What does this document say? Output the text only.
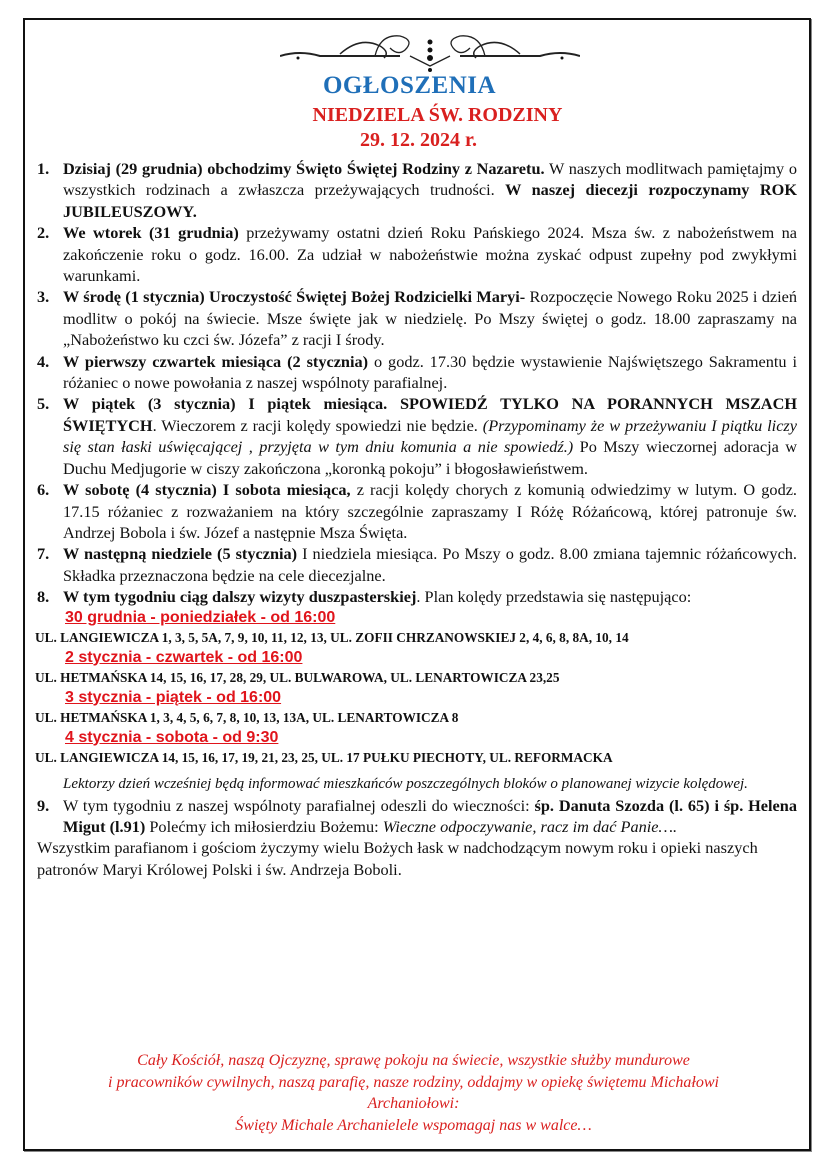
OGŁOSZENIA
NIEDZIELA ŚW. RODZINY
29. 12. 2024 r.
1. Dzisiaj (29 grudnia) obchodzimy Święto Świętej Rodziny z Nazaretu. W naszych modlitwach pamiętajmy o wszystkich rodzinach a zwłaszcza przeżywających trudności. W naszej diecezji rozpoczynamy ROK JUBILEUSZOWY.
2. We wtorek (31 grudnia) przeżywamy ostatni dzień Roku Pańskiego 2024. Msza św. z nabożeństwem na zakończenie roku o godz. 16.00. Za udział w nabożeństwie można zyskać odpust zupełny pod zwykłymi warunkami.
3. W środę (1 stycznia) Uroczystość Świętej Bożej Rodzicielki Maryi- Rozpoczęcie Nowego Roku 2025 i dzień modlitw o pokój na świecie. Msze święte jak w niedzielę. Po Mszy świętej o godz. 18.00 zapraszamy na „Nabożeństwo ku czci św. Józefa” z racji I środy.
4. W pierwszy czwartek miesiąca (2 stycznia) o godz. 17.30 będzie wystawienie Najświętszego Sakramentu i różaniec o nowe powołania z naszej wspólnoty parafialnej.
5. W piątek (3 stycznia) I piątek miesiąca. SPOWIEDŹ TYLKO NA PORANNYCH MSZACH ŚWIĘTYCH. Wieczorem z racji kolędy spowiedzi nie będzie. (Przypominamy że w przeżywaniu I piątku liczy się stan łaski uświęcającej , przyjęta w tym dniu komunia a nie spowiedź.) Po Mszy wieczornej adoracja w Duchu Medjugorie w ciszy zakończona „koronką pokoju” i błogosławieństwem.
6. W sobotę (4 stycznia) I sobota miesiąca, z racji kolędy chorych z komunią odwiedzimy w lutym. O godz. 17.15 różaniec z rozważaniem na który szczególnie zapraszamy I Różę Różańcową, której patronuje św. Andrzej Bobola i św. Józef a następnie Msza Święta.
7. W następną niedziele (5 stycznia) I niedziela miesiąca. Po Mszy o godz. 8.00 zmiana tajemnic różańcowych. Składka przeznaczona będzie na cele diecezjalne.
8. W tym tygodniu ciąg dalszy wizyty duszpasterskiej. Plan kolędy przedstawia się następująco:
30 grudnia - poniedziałek - od 16:00
UL. LANGIEWICZA 1, 3, 5, 5A, 7, 9, 10, 11, 12, 13, UL. ZOFII CHRZANOWSKIEJ 2, 4, 6, 8, 8A, 10, 14
2 stycznia - czwartek - od 16:00
UL. HETMAŃSKA 14, 15, 16, 17, 28, 29, UL. BULWAROWA, UL. LENARTOWICZA 23,25
3 stycznia - piątek - od 16:00
UL. HETMAŃSKA 1, 3, 4, 5, 6, 7, 8, 10, 13, 13A, UL. LENARTOWICZA 8
4 stycznia - sobota - od 9:30
UL. LANGIEWICZA 14, 15, 16, 17, 19, 21, 23, 25, UL. 17 PUŁKU PIECHOTY, UL. REFORMACKA
Lektorzy dzień wcześniej będą informować mieszkańców poszczególnych bloków o planowanej wizycie kolędowej.
9. W tym tygodniu z naszej wspólnoty parafialnej odeszli do wieczności: śp. Danuta Szozda (l. 65) i śp. Helena Migut (l.91) Polećmy ich miłosierdziu Bożemu: Wieczne odpoczywanie, racz im dać Panie….
Wszystkim parafianom i gościom życzymy wielu Bożych łask w nadchodzącym nowym roku i opieki naszych patronów Maryi Królowej Polski i św. Andrzeja Boboli.
Cały Kościół, naszą Ojczyznę, sprawę pokoju na świecie, wszystkie służby mundurowe
i pracowników cywilnych, naszą parafię, nasze rodziny, oddajmy w opiekę świętemu Michałowi
Archaniołowi:
Święty Michale Archanielele wspomagaj nas w walce…
